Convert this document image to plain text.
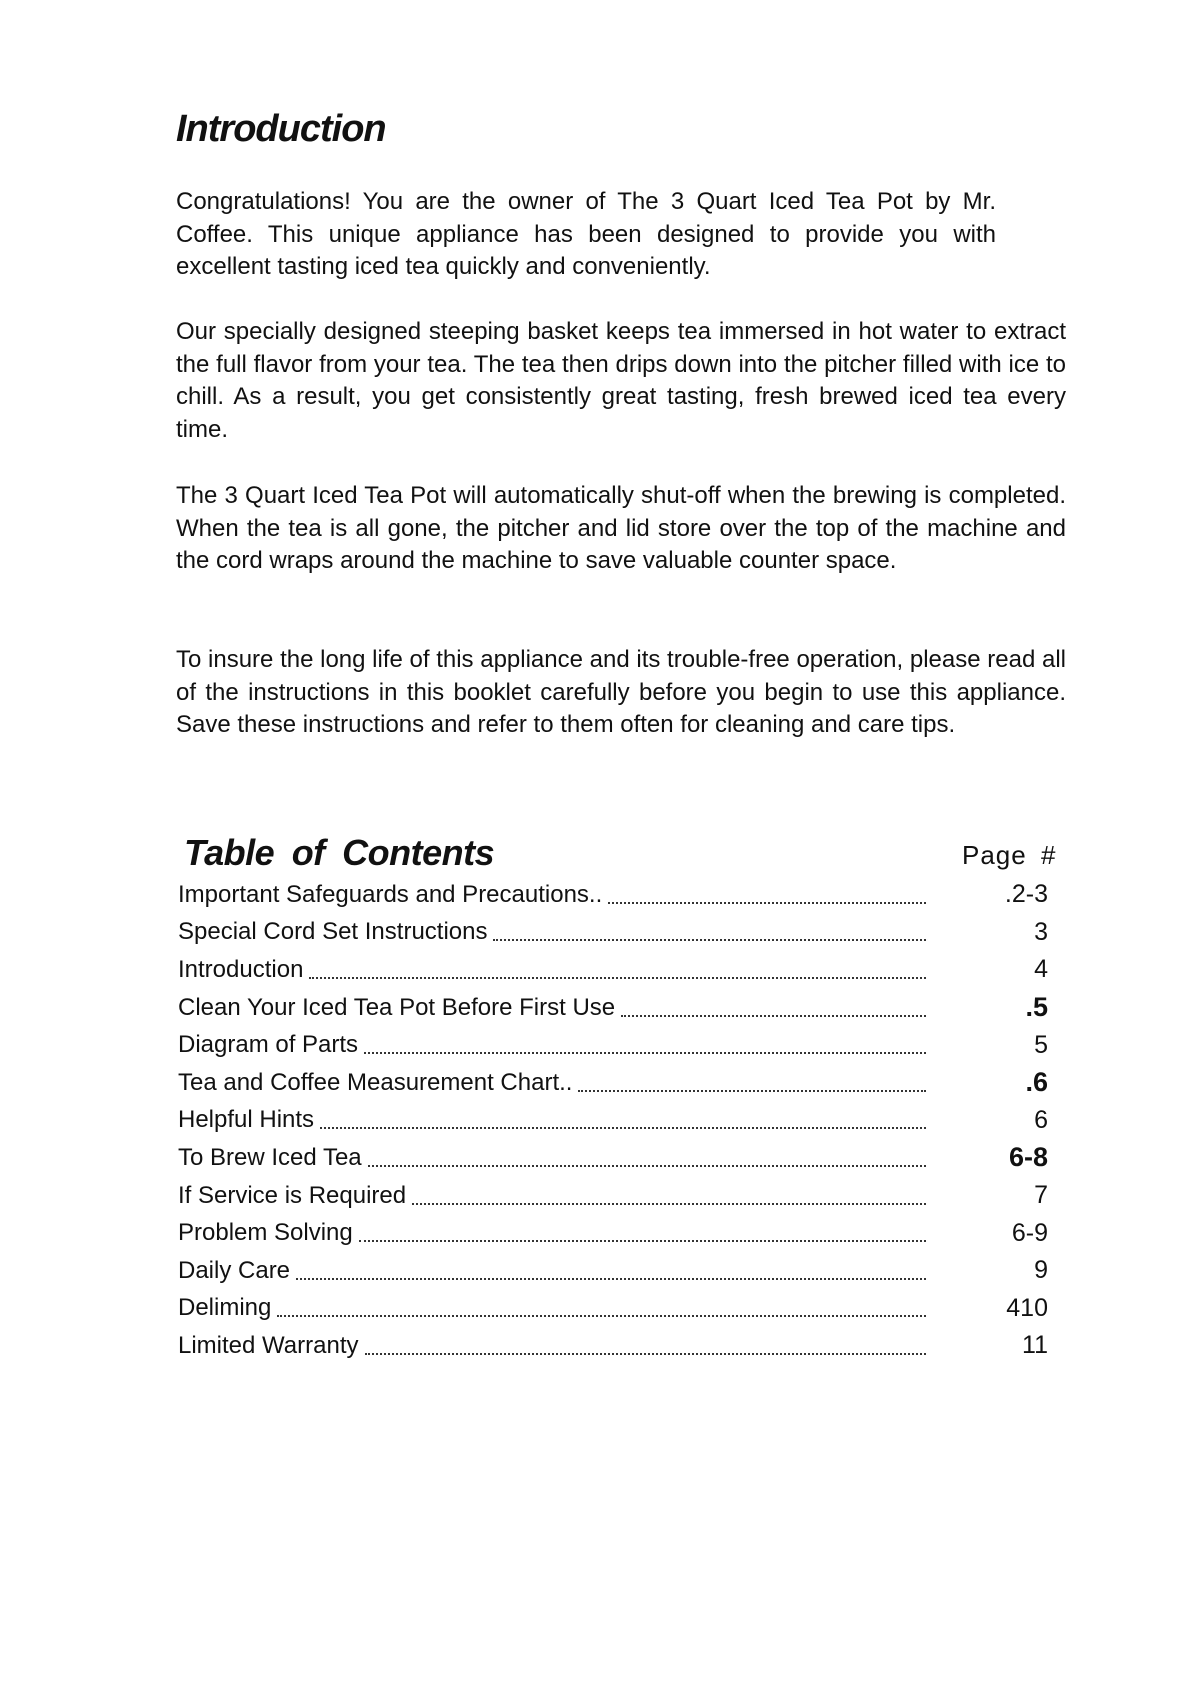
Introduction

Congratulations! You are the owner of The 3 Quart Iced Tea Pot by Mr. Coffee. This unique appliance has been designed to provide you with excellent tasting iced tea quickly and conveniently.

Our specially designed steeping basket keeps tea immersed in hot water to extract the full flavor from your tea. The tea then drips down into the pitcher filled with ice to chill. As a result, you get consistently great tasting, fresh brewed iced tea every time.

The 3 Quart Iced Tea Pot will automatically shut-off when the brewing is completed. When the tea is all gone, the pitcher and lid store over the top of the machine and the cord wraps around the machine to save valuable counter space.

To insure the long life of this appliance and its trouble-free operation, please read all of the instructions in this booklet carefully before you begin to use this appliance. Save these instructions and refer to them often for cleaning and care tips.

Table of Contents	Page #
Important Safeguards and Precautions..	.2-3
Special Cord Set Instructions	3
Introduction	4
Clean Your Iced Tea Pot Before First Use	.5
Diagram of Parts	5
Tea and Coffee Measurement Chart..	.6
Helpful Hints	6
To Brew Iced Tea	6-8
If Service is Required	7
Problem Solving	6-9
Daily Care	9
Deliming	410
Limited Warranty	11
